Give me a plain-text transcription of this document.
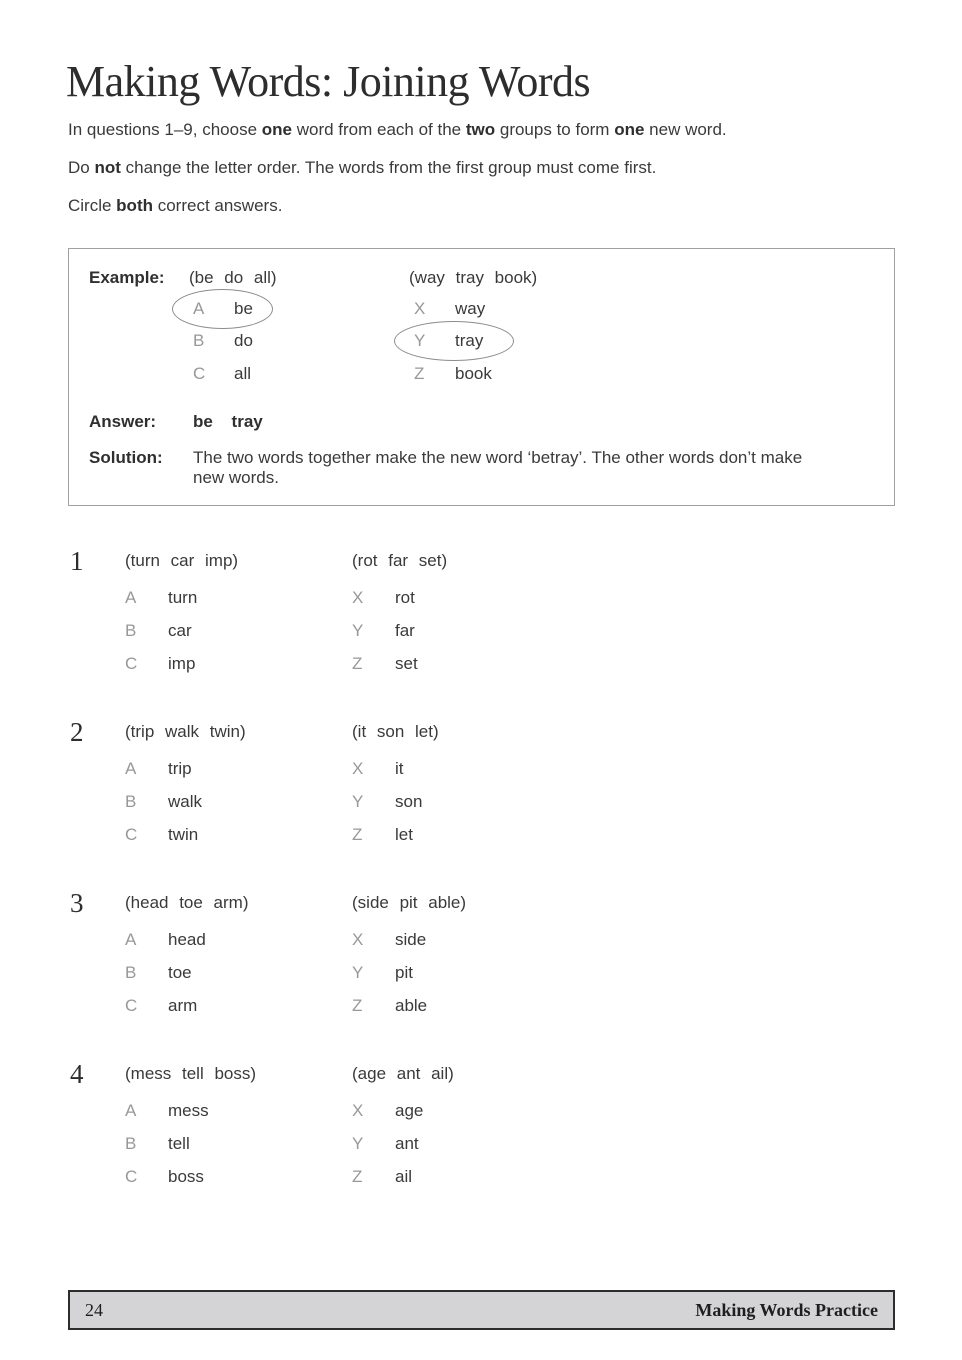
Making Words: Joining Words

In questions 1–9, choose one word from each of the two groups to form one new word.

Do not change the letter order. The words from the first group must come first.

Circle both correct answers.

Example: (be do all)	(way tray book)
A	be
B	do
C	all
X	way
Y	tray
Z	book
Answer: be tray
Solution: The two words together make the new word ‘betray’. The other words don’t make new words.
1 (turn car imp)
A	turn
B	car
C	imp
(rot far set)
X	rot
Y	far
Z	set
2 (trip walk twin)
A	trip
B	walk
C	twin
(it son let)
X	it
Y	son
Z	let
3 (head toe arm)
A	head
B	toe
C	arm
(side pit able)
X	side
Y	pit
Z	able
4 (mess tell boss)
A	mess
B	tell
C	boss
(age ant ail)
X	age
Y	ant
Z	ail
24	Making Words Practice
